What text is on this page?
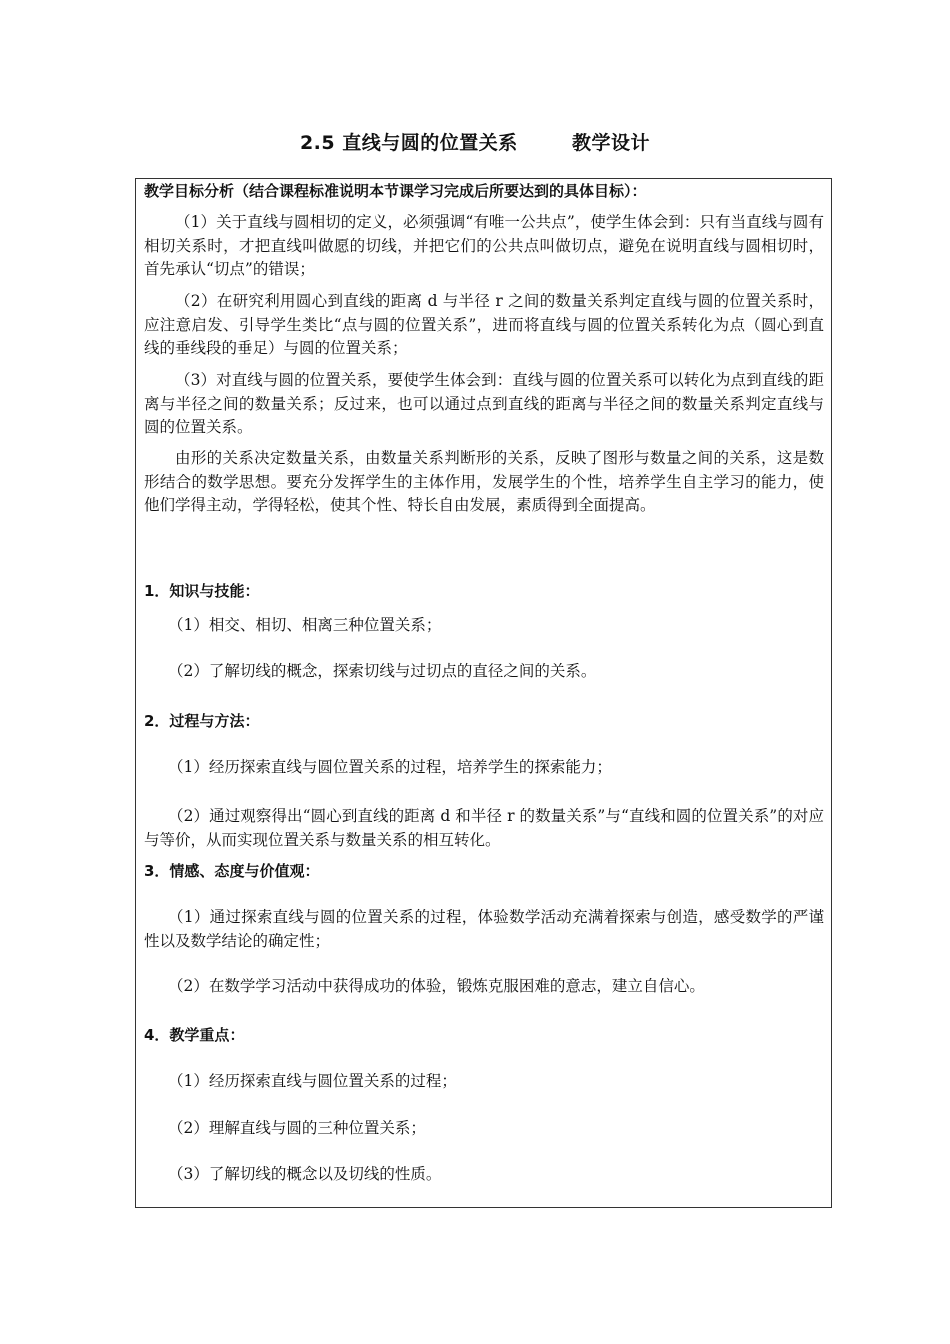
2.5 直线与圆的位置关系	教学设计
教学目标分析（结合课程标准说明本节课学习完成后所要达到的具体目标）：
（1）关于直线与圆相切的定义，必须强调“有唯一公共点”，使学生体会到：只有当直线与圆有相切关系时，才把直线叫做愿的切线，并把它们的公共点叫做切点，避免在说明直线与圆相切时，首先承认“切点”的错误；
（2）在研究利用圆心到直线的距离 d 与半径 r 之间的数量关系判定直线与圆的位置关系时，应注意启发、引导学生类比“点与圆的位置关系”，进而将直线与圆的位置关系转化为点（圆心到直线的垂线段的垂足）与圆的位置关系；
（3）对直线与圆的位置关系，要使学生体会到：直线与圆的位置关系可以转化为点到直线的距离与半径之间的数量关系；反过来，也可以通过点到直线的距离与半径之间的数量关系判定直线与圆的位置关系。
由形的关系决定数量关系，由数量关系判断形的关系，反映了图形与数量之间的关系，这是数形结合的数学思想。要充分发挥学生的主体作用，发展学生的个性，培养学生自主学习的能力，使他们学得主动，学得轻松，使其个性、特长自由发展，素质得到全面提高。
1．知识与技能：
（1）相交、相切、相离三种位置关系；
（2）了解切线的概念，探索切线与过切点的直径之间的关系。
2．过程与方法：
（1）经历探索直线与圆位置关系的过程，培养学生的探索能力；
（2）通过观察得出“圆心到直线的距离 d 和半径 r 的数量关系”与“直线和圆的位置关系”的对应与等价，从而实现位置关系与数量关系的相互转化。
3．情感、态度与价值观：
（1）通过探索直线与圆的位置关系的过程，体验数学活动充满着探索与创造，感受数学的严谨性以及数学结论的确定性；
（2）在数学学习活动中获得成功的体验，锻炼克服困难的意志，建立自信心。
4．教学重点：
（1）经历探索直线与圆位置关系的过程；
（2）理解直线与圆的三种位置关系；
（3）了解切线的概念以及切线的性质。
